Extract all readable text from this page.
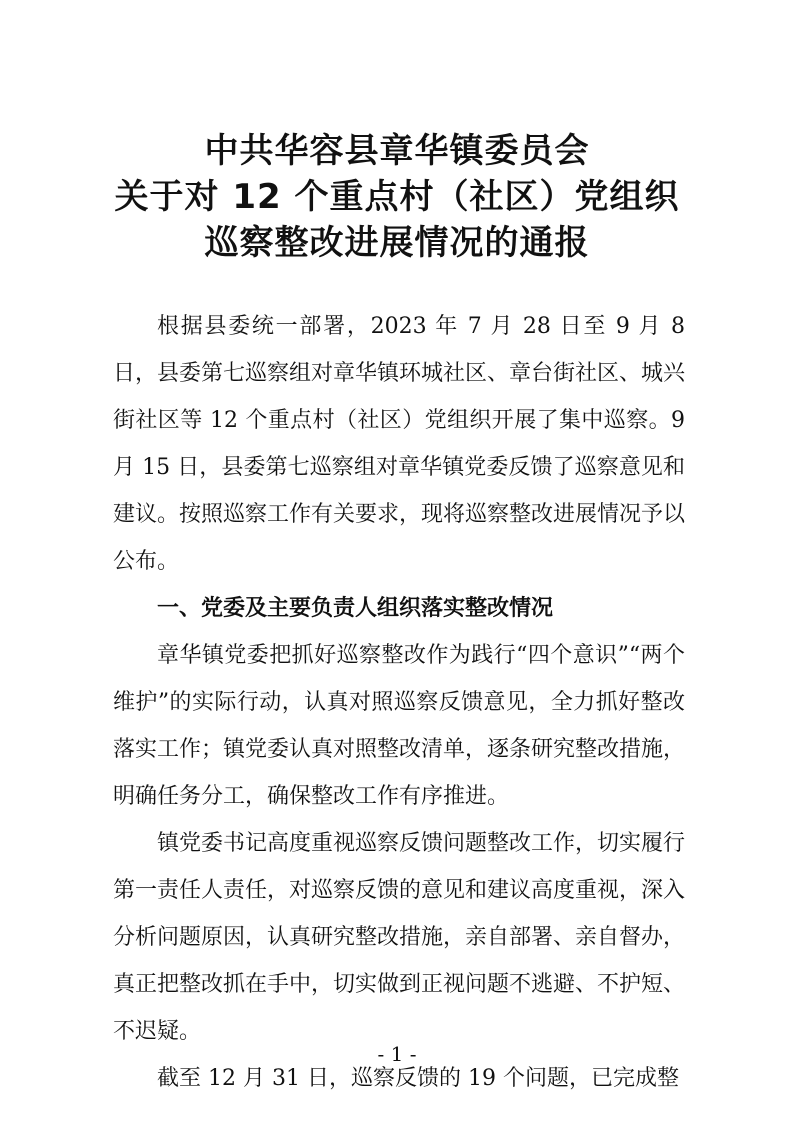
中共华容县章华镇委员会
关于对 12 个重点村（社区）党组织
巡察整改进展情况的通报

根据县委统一部署，2023 年 7 月 28 日至 9 月 8 日，县委第七巡察组对章华镇环城社区、章台街社区、城兴街社区等 12 个重点村（社区）党组织开展了集中巡察。9 月 15 日，县委第七巡察组对章华镇党委反馈了巡察意见和建议。按照巡察工作有关要求，现将巡察整改进展情况予以公布。

一、党委及主要负责人组织落实整改情况

章华镇党委把抓好巡察整改作为践行“四个意识”“两个维护”的实际行动，认真对照巡察反馈意见，全力抓好整改落实工作；镇党委认真对照整改清单，逐条研究整改措施，明确任务分工，确保整改工作有序推进。

镇党委书记高度重视巡察反馈问题整改工作，切实履行第一责任人责任，对巡察反馈的意见和建议高度重视，深入分析问题原因，认真研究整改措施，亲自部署、亲自督办，真正把整改抓在手中，切实做到正视问题不逃避、不护短、不迟疑。

截至 12 月 31 日，巡察反馈的 19 个问题，已完成整

- 1 -
